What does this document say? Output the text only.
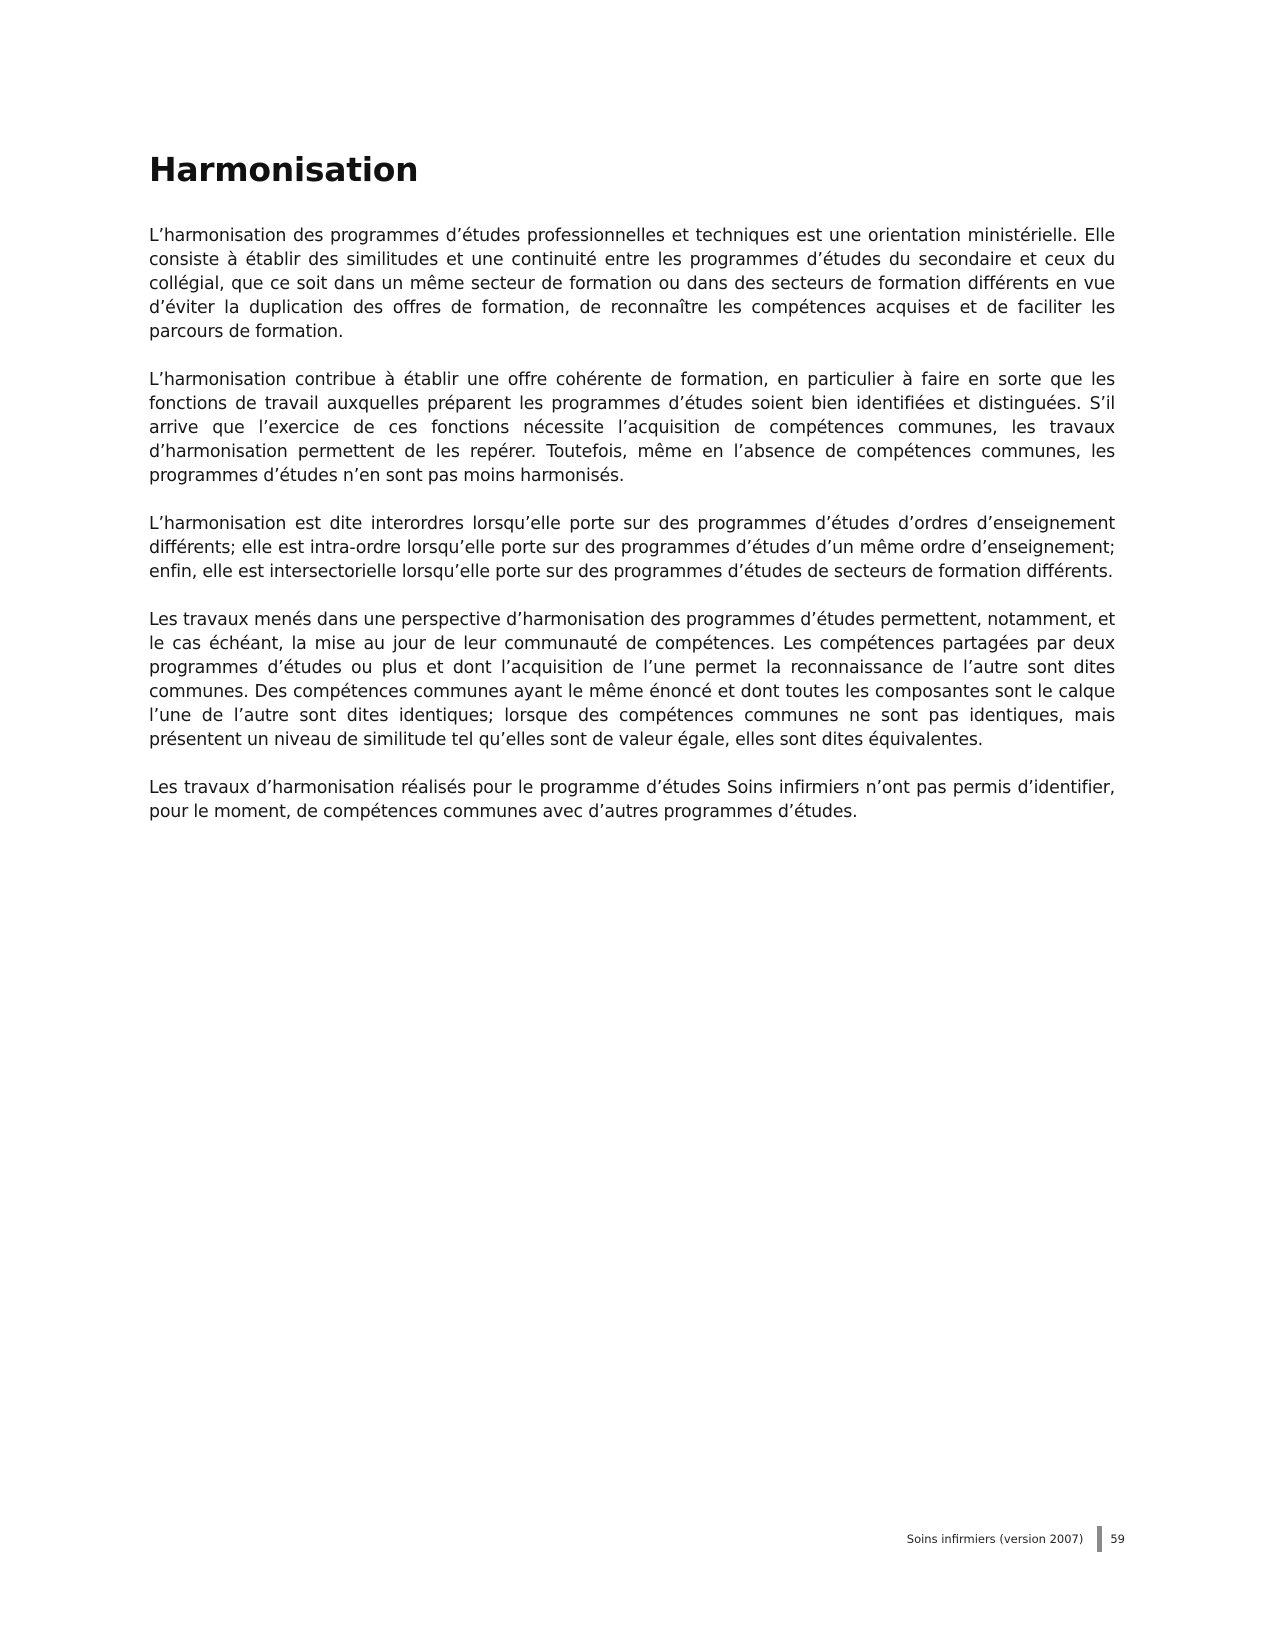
Harmonisation

L’harmonisation des programmes d’études professionnelles et techniques est une orientation ministérielle. Elle consiste à établir des similitudes et une continuité entre les programmes d’études du secondaire et ceux du collégial, que ce soit dans un même secteur de formation ou dans des secteurs de formation différents en vue d’éviter la duplication des offres de formation, de reconnaître les compétences acquises et de faciliter les parcours de formation.

L’harmonisation contribue à établir une offre cohérente de formation, en particulier à faire en sorte que les fonctions de travail auxquelles préparent les programmes d’études soient bien identifiées et distinguées. S’il arrive que l’exercice de ces fonctions nécessite l’acquisition de compétences communes, les travaux d’harmonisation permettent de les repérer. Toutefois, même en l’absence de compétences communes, les programmes d’études n’en sont pas moins harmonisés.

L’harmonisation est dite interordres lorsqu’elle porte sur des programmes d’études d’ordres d’enseignement différents; elle est intra-ordre lorsqu’elle porte sur des programmes d’études d’un même ordre d’enseignement; enfin, elle est intersectorielle lorsqu’elle porte sur des programmes d’études de secteurs de formation différents.

Les travaux menés dans une perspective d’harmonisation des programmes d’études permettent, notamment, et le cas échéant, la mise au jour de leur communauté de compétences. Les compétences partagées par deux programmes d’études ou plus et dont l’acquisition de l’une permet la reconnaissance de l’autre sont dites communes. Des compétences communes ayant le même énoncé et dont toutes les composantes sont le calque l’une de l’autre sont dites identiques; lorsque des compétences communes ne sont pas identiques, mais présentent un niveau de similitude tel qu’elles sont de valeur égale, elles sont dites équivalentes.

Les travaux d’harmonisation réalisés pour le programme d’études Soins infirmiers n’ont pas permis d’identifier, pour le moment, de compétences communes avec d’autres programmes d’études.

Soins infirmiers (version 2007) 59
